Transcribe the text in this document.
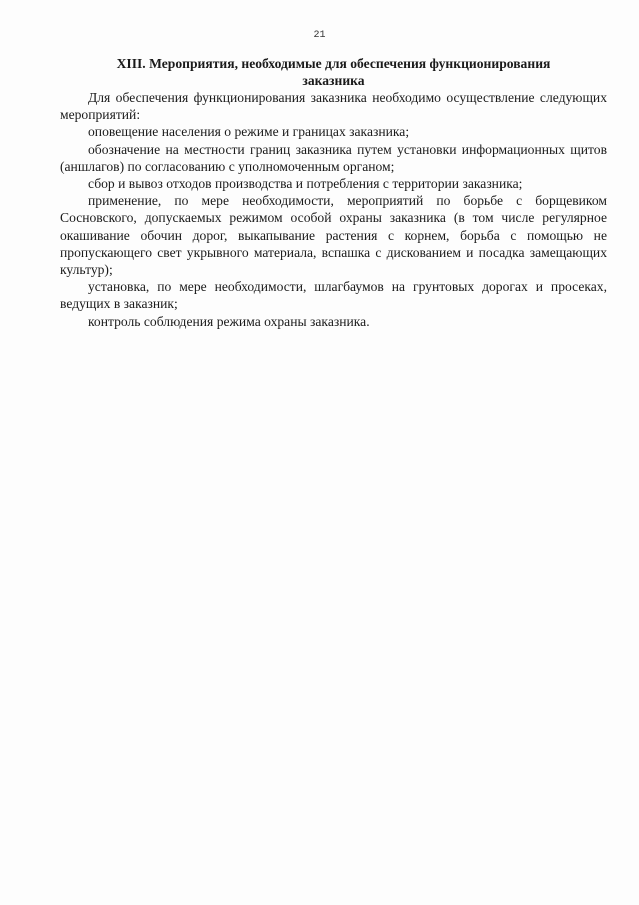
21
XIII. Мероприятия, необходимые для обеспечения функционирования
заказника

Для обеспечения функционирования заказника необходимо осуществление следующих мероприятий:

оповещение населения о режиме и границах заказника;

обозначение на местности границ заказника путем установки информационных щитов (аншлагов) по согласованию с уполномоченным органом;

сбор и вывоз отходов производства и потребления с территории заказника;

применение, по мере необходимости, мероприятий по борьбе с борщевиком Сосновского, допускаемых режимом особой охраны заказника (в том числе регулярное окашивание обочин дорог, выкапывание растения с корнем, борьба с помощью не пропускающего свет укрывного материала, вспашка с дискованием и посадка замещающих культур);

установка, по мере необходимости, шлагбаумов на грунтовых дорогах и просеках, ведущих в заказник;

контроль соблюдения режима охраны заказника.
